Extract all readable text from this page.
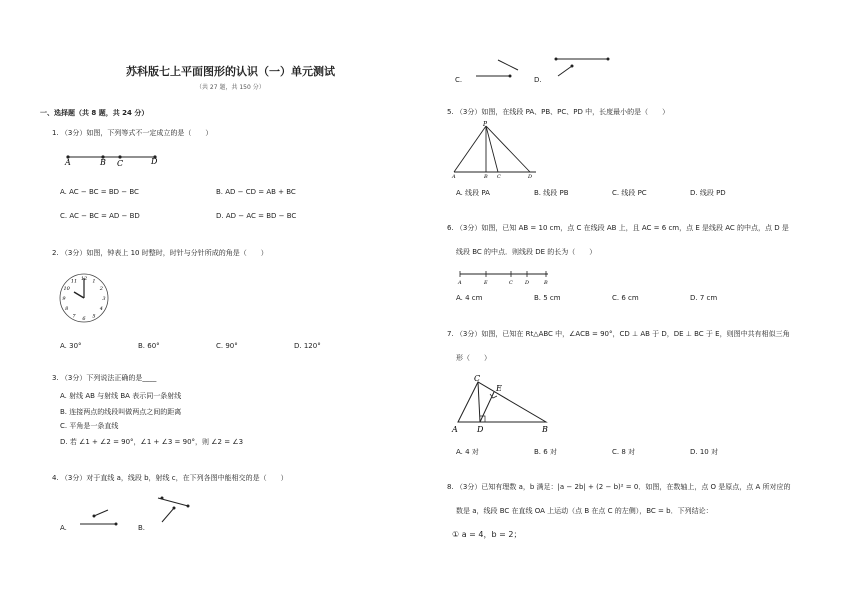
苏科版七上平面图形的认识（一）单元测试
（共 27 题，共 150 分）
一、选择题（共 8 题，共 24 分）
1. （3分）如图，下列等式不一定成立的是（　　）
A	B C	D
A. AC − BC = BD − BC	B. AD − CD = AB + BC
C. AC − BC = AD − BD	D. AD − AC = BD − BC
2. （3分）如图，钟表上 10 时整时，时针与分针所成的角是（　　）
12 1
2
3
4
5
6
7
8
9
10
11
A. 30°	B. 60°	C. 90°	D. 120°
3. （3分）下列说法正确的是____
A. 射线 AB 与射线 BA 表示同一条射线
B. 连接两点的线段叫做两点之间的距离
C. 平角是一条直线
D. 若 ∠1 + ∠2 = 90°，∠1 + ∠3 = 90°，则 ∠2 = ∠3
4. （3分）对于直线 a，线段 b，射线 c，在下列各图中能相交的是（　　）
A.	B.
C.	D.
5. （3分）如图，在线段 PA、PB、PC、PD 中，长度最小的是（　　）
P
A	B C	D
A. 线段 PA	B. 线段 PB	C. 线段 PC	D. 线段 PD
6. （3分）如图，已知 AB = 10 cm，点 C 在线段 AB 上，且 AC = 6 cm，点 E 是线段 AC 的中点，点 D 是
线段 BC 的中点．则线段 DE 的长为（　　）
A	E	C D	B
A. 4 cm	B. 5 cm	C. 6 cm	D. 7 cm
7. （3分）如图，已知在 Rt△ABC 中，∠ACB = 90°，CD ⊥ AB 于 D，DE ⊥ BC 于 E，则图中共有相似三角
形（　　）
C
E
A D	B
A. 4 对	B. 6 对	C. 8 对	D. 10 对
8. （3分）已知有理数 a，b 满足：|a − 2b| + (2 − b)² = 0．如图，在数轴上，点 O 是原点，点 A 所对应的
数是 a，线段 BC 在直线 OA 上运动（点 B 在点 C 的左侧），BC = b．下列结论：
① a = 4，b = 2；
